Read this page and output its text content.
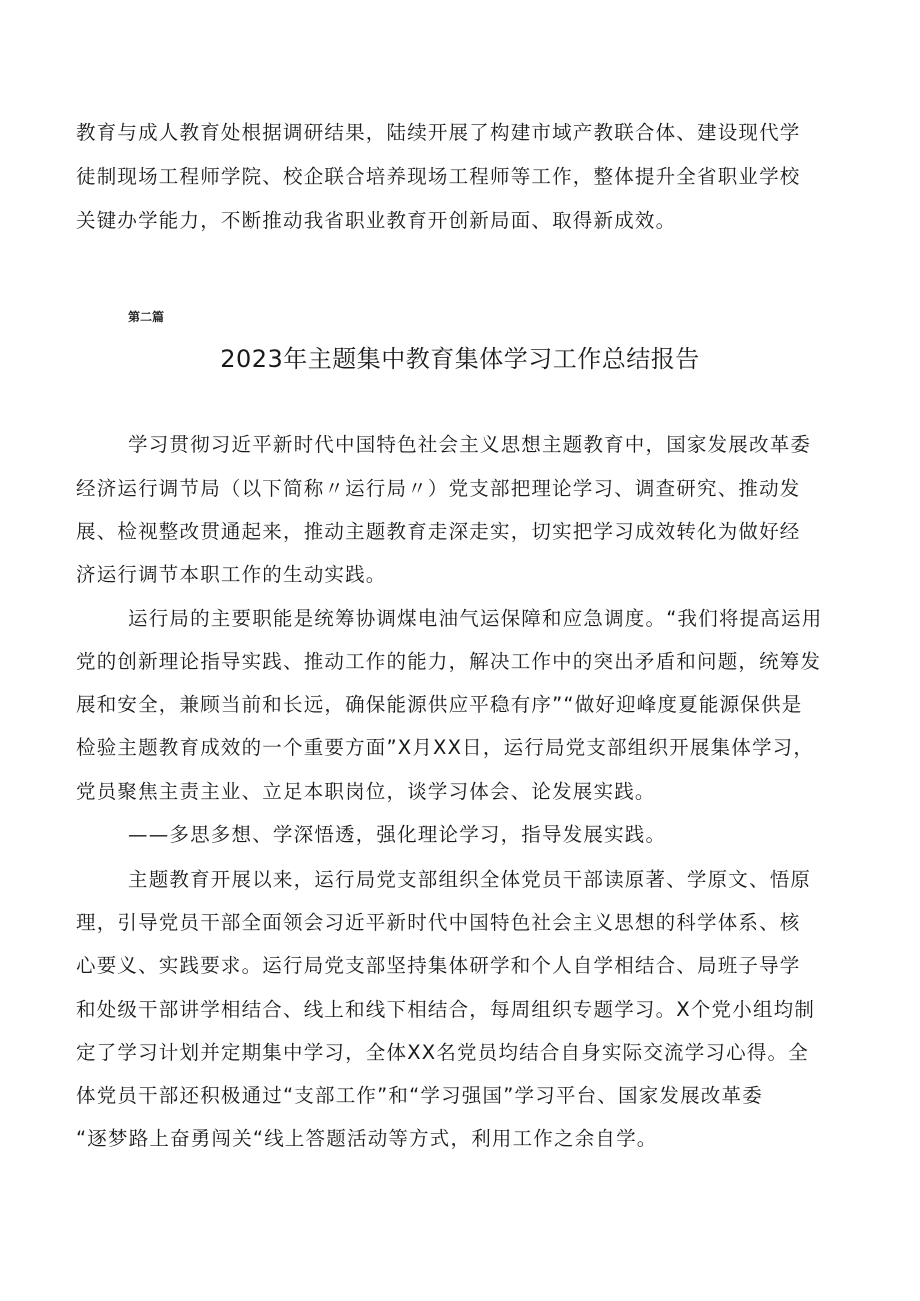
教育与成人教育处根据调研结果，陆续开展了构建市域产教联合体、建设现代学
徒制现场工程师学院、校企联合培养现场工程师等工作，整体提升全省职业学校
关键办学能力，不断推动我省职业教育开创新局面、取得新成效。
第二篇
2023年主题集中教育集体学习工作总结报告
学习贯彻习近平新时代中国特色社会主义思想主题教育中，国家发展改革委
经济运行调节局（以下简称〃运行局〃）党支部把理论学习、调查研究、推动发
展、检视整改贯通起来，推动主题教育走深走实，切实把学习成效转化为做好经
济运行调节本职工作的生动实践。
运行局的主要职能是统筹协调煤电油气运保障和应急调度。“我们将提高运用
党的创新理论指导实践、推动工作的能力，解决工作中的突出矛盾和问题，统筹发
展和安全，兼顾当前和长远，确保能源供应平稳有序”“做好迎峰度夏能源保供是
检验主题教育成效的一个重要方面”X月XX日，运行局党支部组织开展集体学习，
党员聚焦主责主业、立足本职岗位，谈学习体会、论发展实践。
——多思多想、学深悟透，强化理论学习，指导发展实践。
主题教育开展以来，运行局党支部组织全体党员干部读原著、学原文、悟原
理，引导党员干部全面领会习近平新时代中国特色社会主义思想的科学体系、核
心要义、实践要求。运行局党支部坚持集体研学和个人自学相结合、局班子导学
和处级干部讲学相结合、线上和线下相结合，每周组织专题学习。X个党小组均制
定了学习计划并定期集中学习，全体XX名党员均结合自身实际交流学习心得。全
体党员干部还积极通过“支部工作”和“学习强国”学习平台、国家发展改革委
“逐梦路上奋勇闯关“线上答题活动等方式，利用工作之余自学。
